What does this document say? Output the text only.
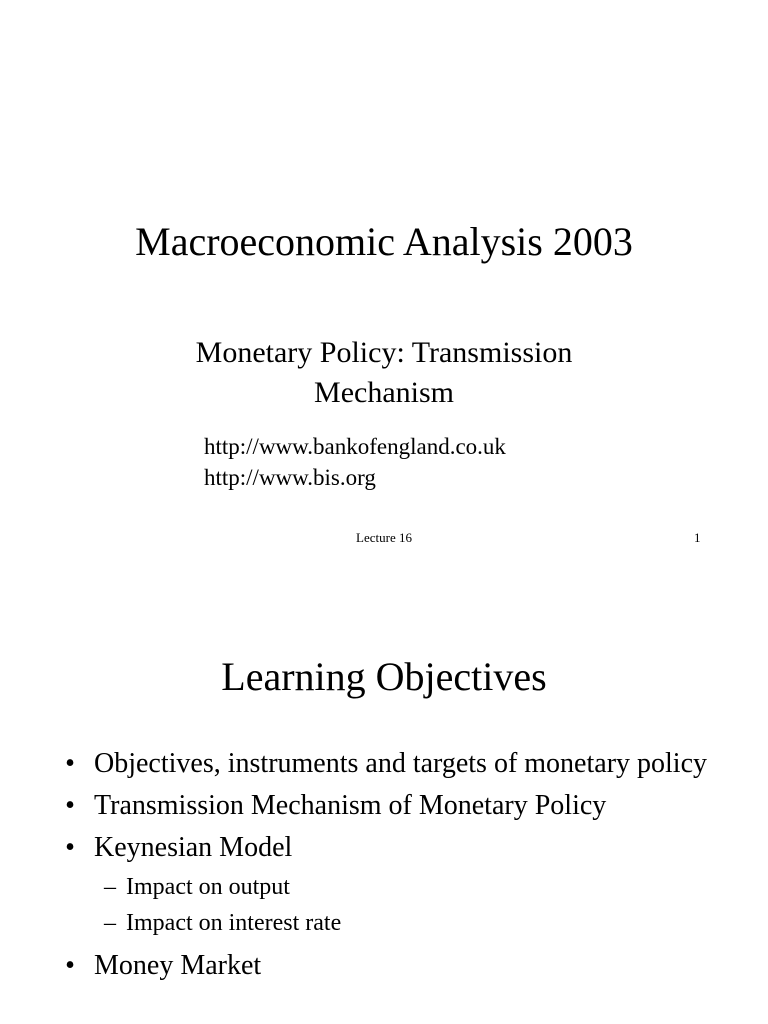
Macroeconomic Analysis 2003
Monetary Policy: Transmission
Mechanism
http://www.bankofengland.co.uk
http://www.bis.org
Lecture 16	1
Learning Objectives
• Objectives, instruments and targets of monetary policy
• Transmission Mechanism of Monetary Policy
• Keynesian Model
– Impact on output
– Impact on interest rate
• Money Market
